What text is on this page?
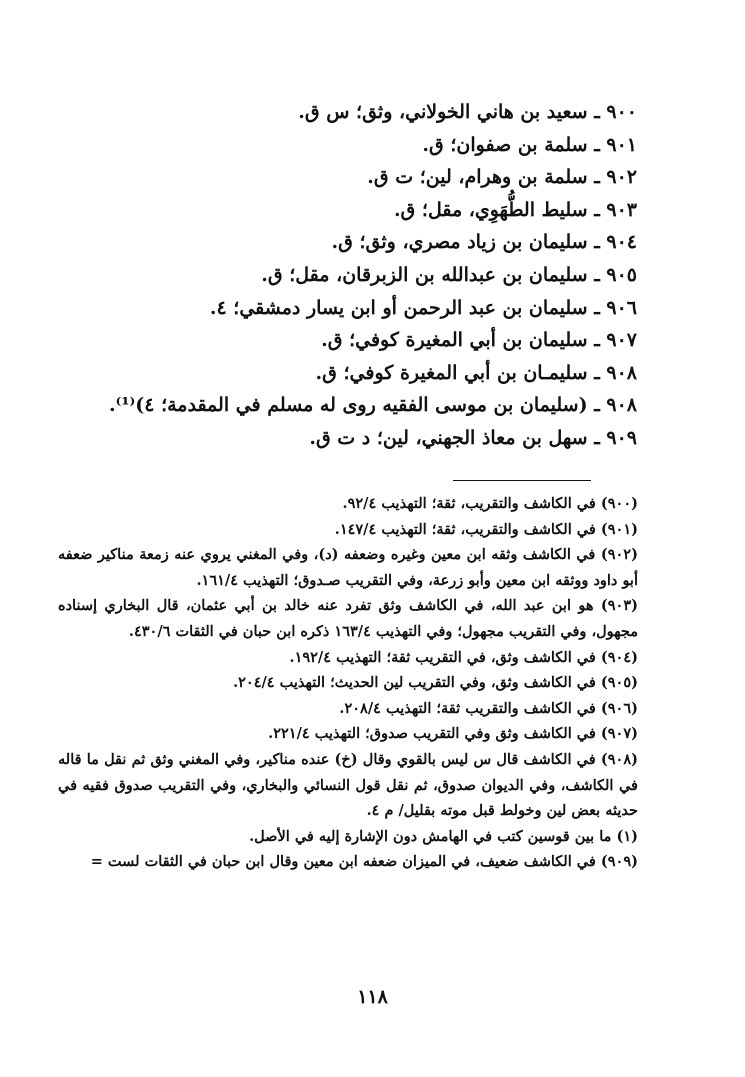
٩٠٠ ـ سعيد بن هاني الخولاني، وثق؛ س ق.
٩٠١ ـ سلمة بن صفوان؛ ق.
٩٠٢ ـ سلمة بن وهرام، لين؛ ت ق.
٩٠٣ ـ سليط الطُّهَوِي، مقل؛ ق.
٩٠٤ ـ سليمان بن زياد مصري، وثق؛ ق.
٩٠٥ ـ سليمان بن عبدالله بن الزبرقان، مقل؛ ق.
٩٠٦ ـ سليمان بن عبد الرحمن أو ابن يسار دمشقي؛ ٤.
٩٠٧ ـ سليمان بن أبي المغيرة كوفي؛ ق.
٩٠٨ ـ سليمـان بن أبي المغيرة كوفي؛ ق.
٩٠٨ ـ (سليمان بن موسى الفقيه روى له مسلم في المقدمة؛ ٤)⁽¹⁾.
٩٠٩ ـ سهل بن معاذ الجهني، لين؛ د ت ق.
(٩٠٠) في الكاشف والتقريب، ثقة؛ التهذيب ٩٢/٤.
(٩٠١) في الكاشف والتقريب، ثقة؛ التهذيب ١٤٧/٤.
(٩٠٢) في الكاشف وثقه ابن معين وغيره وضعفه (د)، وفي المغني يروي عنه زمعة مناكير ضعفه أبو داود ووثقه ابن معين وأبو زرعة، وفي التقريب صـدوق؛ التهذيب ١٦١/٤.
(٩٠٣) هو ابن عبد الله، في الكاشف وثق تفرد عنه خالد بن أبي عثمان، قال البخاري إسناده مجهول، وفي التقريب مجهول؛ وفي التهذيب ١٦٣/٤ ذكره ابن حبان في الثقات ٤٣٠/٦.
(٩٠٤) في الكاشف وثق، في التقريب ثقة؛ التهذيب ١٩٢/٤.
(٩٠٥) في الكاشف وثق، وفي التقريب لين الحديث؛ التهذيب ٢٠٤/٤.
(٩٠٦) في الكاشف والتقريب ثقة؛ التهذيب ٢٠٨/٤.
(٩٠٧) في الكاشف وثق وفي التقريب صدوق؛ التهذيب ٢٢١/٤.
(٩٠٨) في الكاشف قال س ليس بالقوي وقال (خ) عنده مناكير، وفي المغني وثق ثم نقل ما قاله في الكاشف، وفي الديوان صدوق، ثم نقل قول النسائي والبخاري، وفي التقريب صدوق فقيه في حديثه بعض لين وخولط قبل موته بقليل/ م ٤.
(١) ما بين قوسين كتب في الهامش دون الإشارة إليه في الأصل.
(٩٠٩) في الكاشف ضعيف، في الميزان ضعفه ابن معين وقال ابن حبان في الثقات لست =
١١٨
